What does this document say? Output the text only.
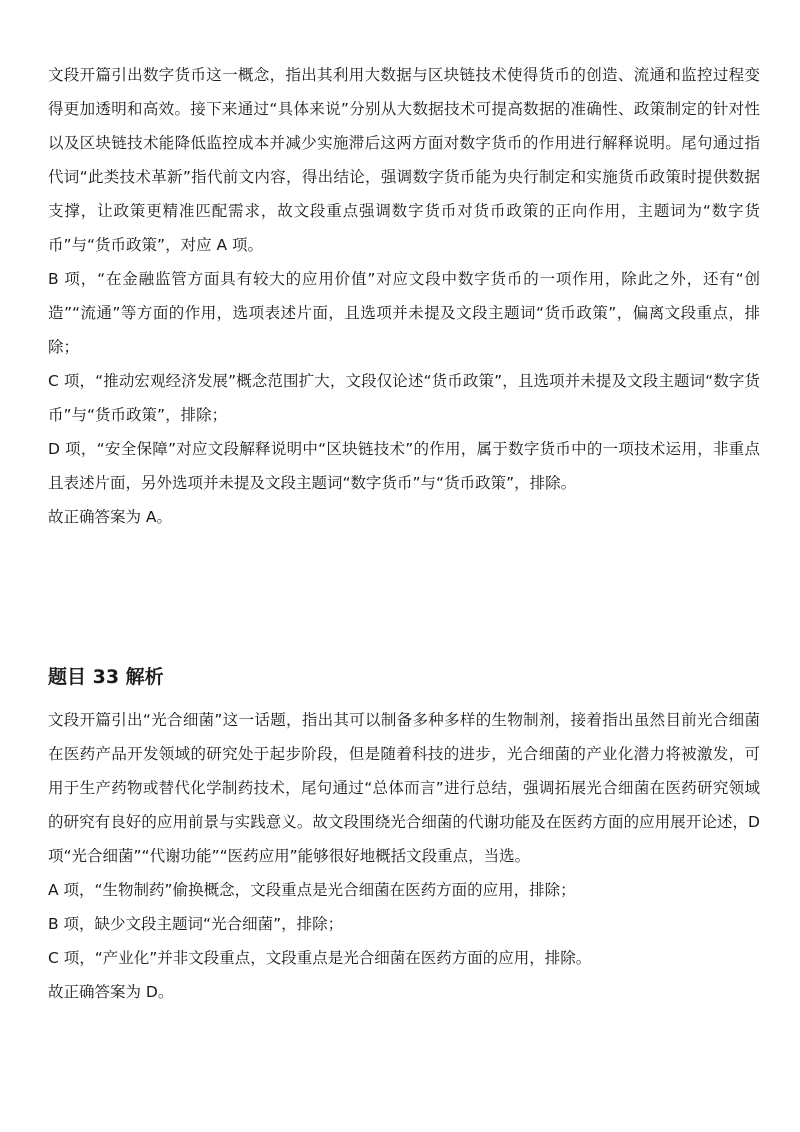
文段开篇引出数字货币这一概念，指出其利用大数据与区块链技术使得货币的创造、流通和监控过程变得更加透明和高效。接下来通过“具体来说”分别从大数据技术可提高数据的准确性、政策制定的针对性以及区块链技术能降低监控成本并减少实施滞后这两方面对数字货币的作用进行解释说明。尾句通过指代词“此类技术革新”指代前文内容，得出结论，强调数字货币能为央行制定和实施货币政策时提供数据支撑，让政策更精准匹配需求，故文段重点强调数字货币对货币政策的正向作用，主题词为“数字货币”与“货币政策”，对应 A 项。

B 项，“在金融监管方面具有较大的应用价值”对应文段中数字货币的一项作用，除此之外，还有“创造”“流通”等方面的作用，选项表述片面，且选项并未提及文段主题词“货币政策”，偏离文段重点，排除；

C 项，“推动宏观经济发展”概念范围扩大，文段仅论述“货币政策”，且选项并未提及文段主题词“数字货币”与“货币政策”，排除；

D 项，“安全保障”对应文段解释说明中“区块链技术”的作用，属于数字货币中的一项技术运用，非重点且表述片面，另外选项并未提及文段主题词“数字货币”与“货币政策”，排除。

故正确答案为 A。

题目 33 解析

文段开篇引出“光合细菌”这一话题，指出其可以制备多种多样的生物制剂，接着指出虽然目前光合细菌在医药产品开发领域的研究处于起步阶段，但是随着科技的进步，光合细菌的产业化潜力将被激发，可用于生产药物或替代化学制药技术，尾句通过“总体而言”进行总结，强调拓展光合细菌在医药研究领域的研究有良好的应用前景与实践意义。故文段围绕光合细菌的代谢功能及在医药方面的应用展开论述，D 项“光合细菌”“代谢功能”“医药应用”能够很好地概括文段重点，当选。

A 项，“生物制药”偷换概念，文段重点是光合细菌在医药方面的应用，排除；

B 项，缺少文段主题词“光合细菌”，排除；

C 项，“产业化”并非文段重点，文段重点是光合细菌在医药方面的应用，排除。

故正确答案为 D。
